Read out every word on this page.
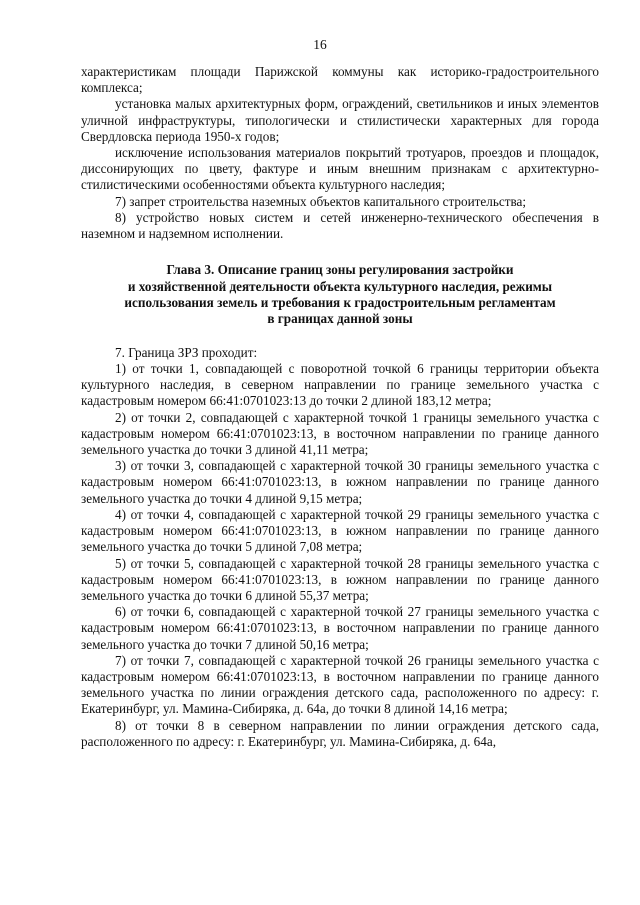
16

характеристикам площади Парижской коммуны как историко-градостроительного комплекса;

установка малых архитектурных форм, ограждений, светильников и иных элементов уличной инфраструктуры, типологически и стилистически характерных для города Свердловска периода 1950-х годов;

исключение использования материалов покрытий тротуаров, проездов и площадок, диссонирующих по цвету, фактуре и иным внешним признакам с архитектурно-стилистическими особенностями объекта культурного наследия;

7) запрет строительства наземных объектов капитального строительства;

8) устройство новых систем и сетей инженерно-технического обеспечения в наземном и надземном исполнении.

Глава 3. Описание границ зоны регулирования застройки

и хозяйственной деятельности объекта культурного наследия, режимы

использования земель и требования к градостроительным регламентам

в границах данной зоны

7. Граница ЗРЗ проходит:

1) от точки 1, совпадающей с поворотной точкой 6 границы территории объекта культурного наследия, в северном направлении по границе земельного участка с кадастровым номером 66:41:0701023:13 до точки 2 длиной 183,12 метра;

2) от точки 2, совпадающей с характерной точкой 1 границы земельного участка с кадастровым номером 66:41:0701023:13, в восточном направлении по границе данного земельного участка до точки 3 длиной 41,11 метра;

3) от точки 3, совпадающей с характерной точкой 30 границы земельного участка с кадастровым номером 66:41:0701023:13, в южном направлении по границе данного земельного участка до точки 4 длиной 9,15 метра;

4) от точки 4, совпадающей с характерной точкой 29 границы земельного участка с кадастровым номером 66:41:0701023:13, в южном направлении по границе данного земельного участка до точки 5 длиной 7,08 метра;

5) от точки 5, совпадающей с характерной точкой 28 границы земельного участка с кадастровым номером 66:41:0701023:13, в южном направлении по границе данного земельного участка до точки 6 длиной 55,37 метра;

6) от точки 6, совпадающей с характерной точкой 27 границы земельного участка с кадастровым номером 66:41:0701023:13, в восточном направлении по границе данного земельного участка до точки 7 длиной 50,16 метра;

7) от точки 7, совпадающей с характерной точкой 26 границы земельного участка с кадастровым номером 66:41:0701023:13, в восточном направлении по границе данного земельного участка по линии ограждения детского сада, расположенного по адресу: г. Екатеринбург, ул. Мамина-Сибиряка, д. 64а, до точки 8 длиной 14,16 метра;

8) от точки 8 в северном направлении по линии ограждения детского сада, расположенного по адресу: г. Екатеринбург, ул. Мамина-Сибиряка, д. 64а,
